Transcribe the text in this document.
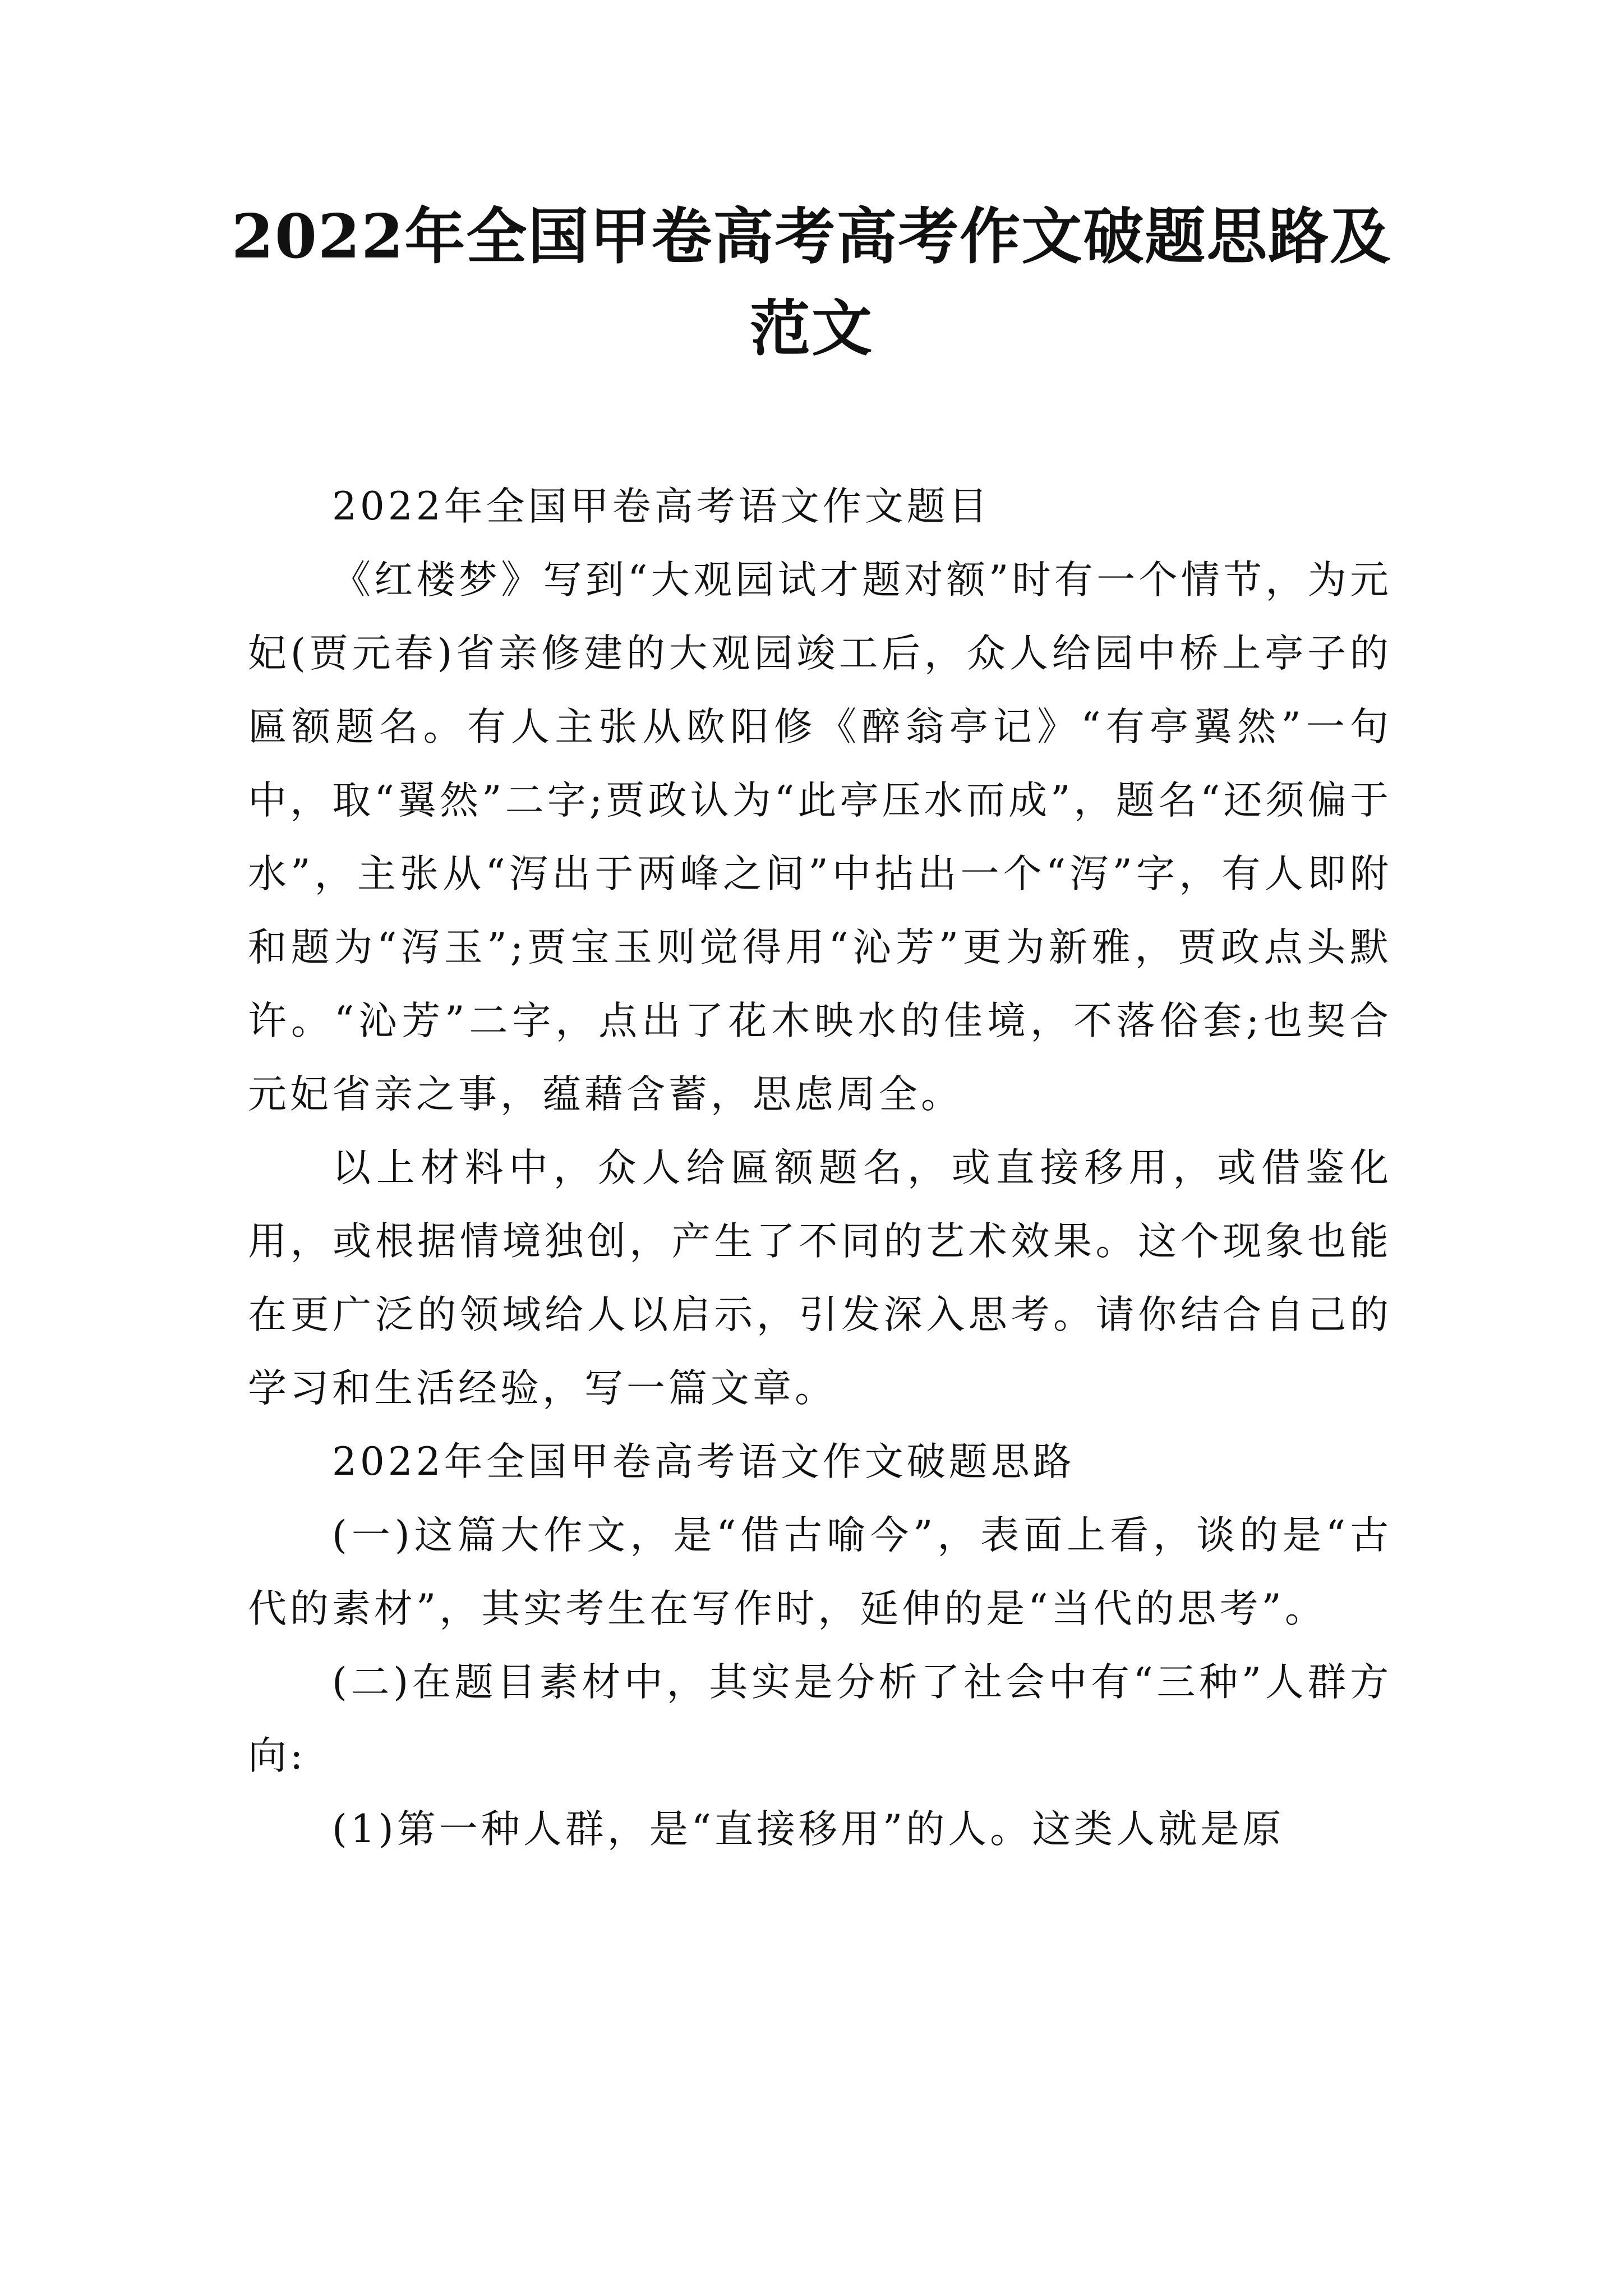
2022年全国甲卷高考高考作文破题思路及
范文

2022年全国甲卷高考语文作文题目

《红楼梦》写到“大观园试才题对额”时有一个情节，为元妃(贾元春)省亲修建的大观园竣工后，众人给园中桥上亭子的匾额题名。有人主张从欧阳修《醉翁亭记》“有亭翼然”一句中，取“翼然”二字;贾政认为“此亭压水而成”，题名“还须偏于水”，主张从“泻出于两峰之间”中拈出一个“泻”字，有人即附和题为“泻玉”;贾宝玉则觉得用“沁芳”更为新雅，贾政点头默许。“沁芳”二字，点出了花木映水的佳境，不落俗套;也契合元妃省亲之事，蕴藉含蓄，思虑周全。

以上材料中，众人给匾额题名，或直接移用，或借鉴化用，或根据情境独创，产生了不同的艺术效果。这个现象也能在更广泛的领域给人以启示，引发深入思考。请你结合自己的学习和生活经验，写一篇文章。

2022年全国甲卷高考语文作文破题思路

(一)这篇大作文，是“借古喻今”，表面上看，谈的是“古代的素材”，其实考生在写作时，延伸的是“当代的思考”。

(二)在题目素材中，其实是分析了社会中有“三种”人群方向:

(1)第一种人群，是“直接移用”的人。这类人就是原
